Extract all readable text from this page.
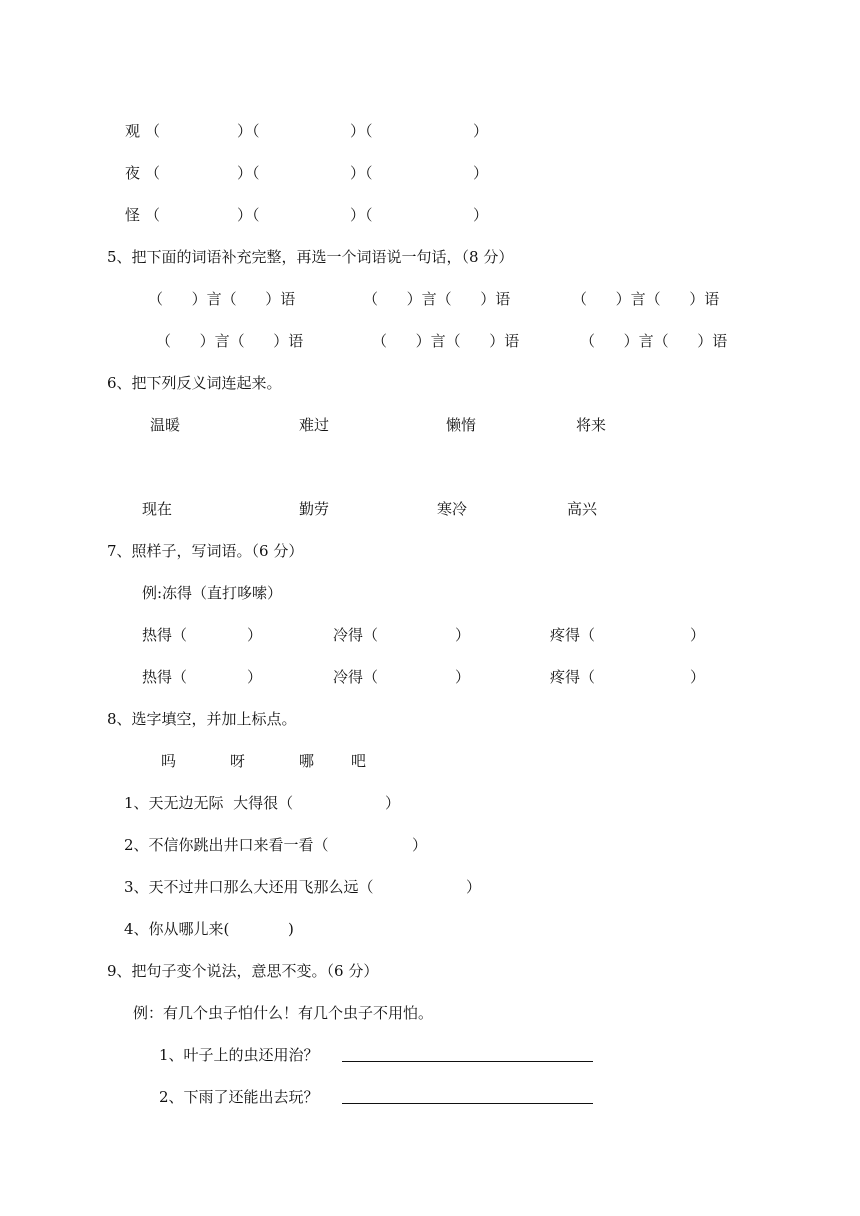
观 （	）（	）（	）
夜 （	）（	）（	）
怪 （	）（	）（	）
5、把下面的词语补充完整，再选一个词语说一句话，（8 分）
（      ）言（      ）语	（      ）言（      ）语	（      ）言（      ）语
（      ）言（      ）语	（      ）言（      ）语	（      ）言（      ）语
6、把下列反义词连起来。
温暖	难过	懒惰	将来
现在	勤劳	寒冷	高兴
7、照样子，写词语。（6 分）
例:冻得（直打哆嗦）
热得（	）	冷得（	）	疼得（	）
热得（	）	冷得（	）	疼得（	）
8、选字填空，并加上标点。
吗	呀	哪 吧
1、天无边无际  大得很（	）
2、不信你跳出井口来看一看（	）
3、天不过井口那么大还用飞那么远（	）
4、你从哪儿来(	)
9、把句子变个说法，意思不变。（6 分）
例：有几个虫子怕什么！有几个虫子不用怕。
1、叶子上的虫还用治？
2、下雨了还能出去玩？
